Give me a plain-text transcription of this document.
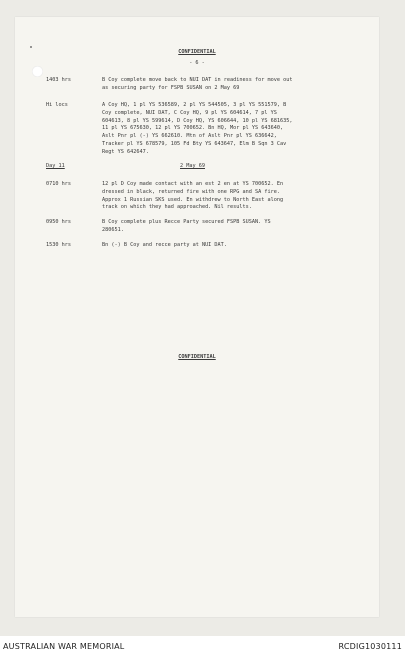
CONFIDENTIAL
- 6 -
1403 hrs	B Coy complete move back to NUI DAT in readiness for move out
as securing party for FSPB SUSAN on 2 May 69
Hi locs	A Coy HQ, 1 pl YS 536589, 2 pl YS 544505, 3 pl YS 551579, B
Coy complete, NUI DAT, C Coy HQ, 9 pl YS 604614, 7 pl YS
604613, 8 pl YS 599614, D Coy HQ, YS 606644, 10 pl YS 681635,
11 pl YS 675630, 12 pl YS 700652. Bn HQ, Mor pl YS 643640,
Aslt Pnr pl (-) YS 662610. Mtn of Aslt Pnr pl YS 636642,
Tracker pl YS 678579, 105 Fd Bty YS 643647, Elm B Sqn 3 Cav
Regt YS 642647.
Day 11	2 May 69
0710 hrs	12 pl D Coy made contact with an est 2 en at YS 700652. En
dressed in black, returned fire with one RPG and SA fire.
Approx 1 Russian SKS used. En withdrew to North East along
track on which they had approached. Nil results.
0950 hrs	B Coy complete plus Recce Party secured FSPB SUSAN. YS
280651.
1530 hrs	Bn (-) B Coy and recce party at NUI DAT.
CONFIDENTIAL
AUSTRALIAN WAR MEMORIAL	RCDIG1030111
